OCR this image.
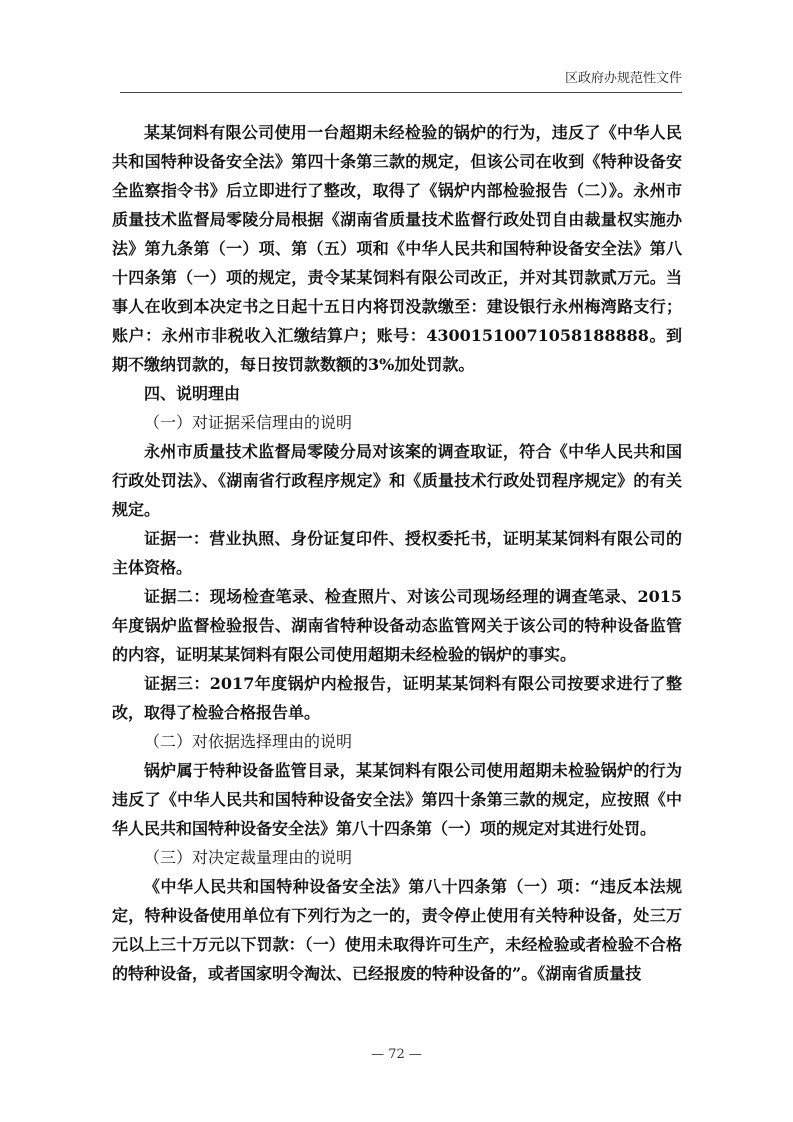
区政府办规范性文件

某某饲料有限公司使用一台超期未经检验的锅炉的行为，违反了《中华人民共和国特种设备安全法》第四十条第三款的规定，但该公司在收到《特种设备安全监察指令书》后立即进行了整改，取得了《锅炉内部检验报告（二）》。永州市质量技术监督局零陵分局根据《湖南省质量技术监督行政处罚自由裁量权实施办法》第九条第（一）项、第（五）项和《中华人民共和国特种设备安全法》第八十四条第（一）项的规定，责令某某饲料有限公司改正，并对其罚款贰万元。当事人在收到本决定书之日起十五日内将罚没款缴至：建设银行永州梅湾路支行；账户：永州市非税收入汇缴结算户；账号：43001510071058188888。到期不缴纳罚款的，每日按罚款数额的3%加处罚款。

四、说明理由

（一）对证据采信理由的说明

永州市质量技术监督局零陵分局对该案的调查取证，符合《中华人民共和国行政处罚法》、《湖南省行政程序规定》和《质量技术行政处罚程序规定》的有关规定。

证据一：营业执照、身份证复印件、授权委托书，证明某某饲料有限公司的主体资格。

证据二：现场检查笔录、检查照片、对该公司现场经理的调查笔录、2015年度锅炉监督检验报告、湖南省特种设备动态监管网关于该公司的特种设备监管的内容，证明某某饲料有限公司使用超期未经检验的锅炉的事实。

证据三：2017年度锅炉内检报告，证明某某饲料有限公司按要求进行了整改，取得了检验合格报告单。

（二）对依据选择理由的说明

锅炉属于特种设备监管目录，某某饲料有限公司使用超期未检验锅炉的行为违反了《中华人民共和国特种设备安全法》第四十条第三款的规定，应按照《中华人民共和国特种设备安全法》第八十四条第（一）项的规定对其进行处罚。

（三）对决定裁量理由的说明

《中华人民共和国特种设备安全法》第八十四条第（一）项：“违反本法规定，特种设备使用单位有下列行为之一的，责令停止使用有关特种设备，处三万元以上三十万元以下罚款：（一）使用未取得许可生产，未经检验或者检验不合格的特种设备，或者国家明令淘汰、已经报废的特种设备的”。《湖南省质量技

— 72 —
